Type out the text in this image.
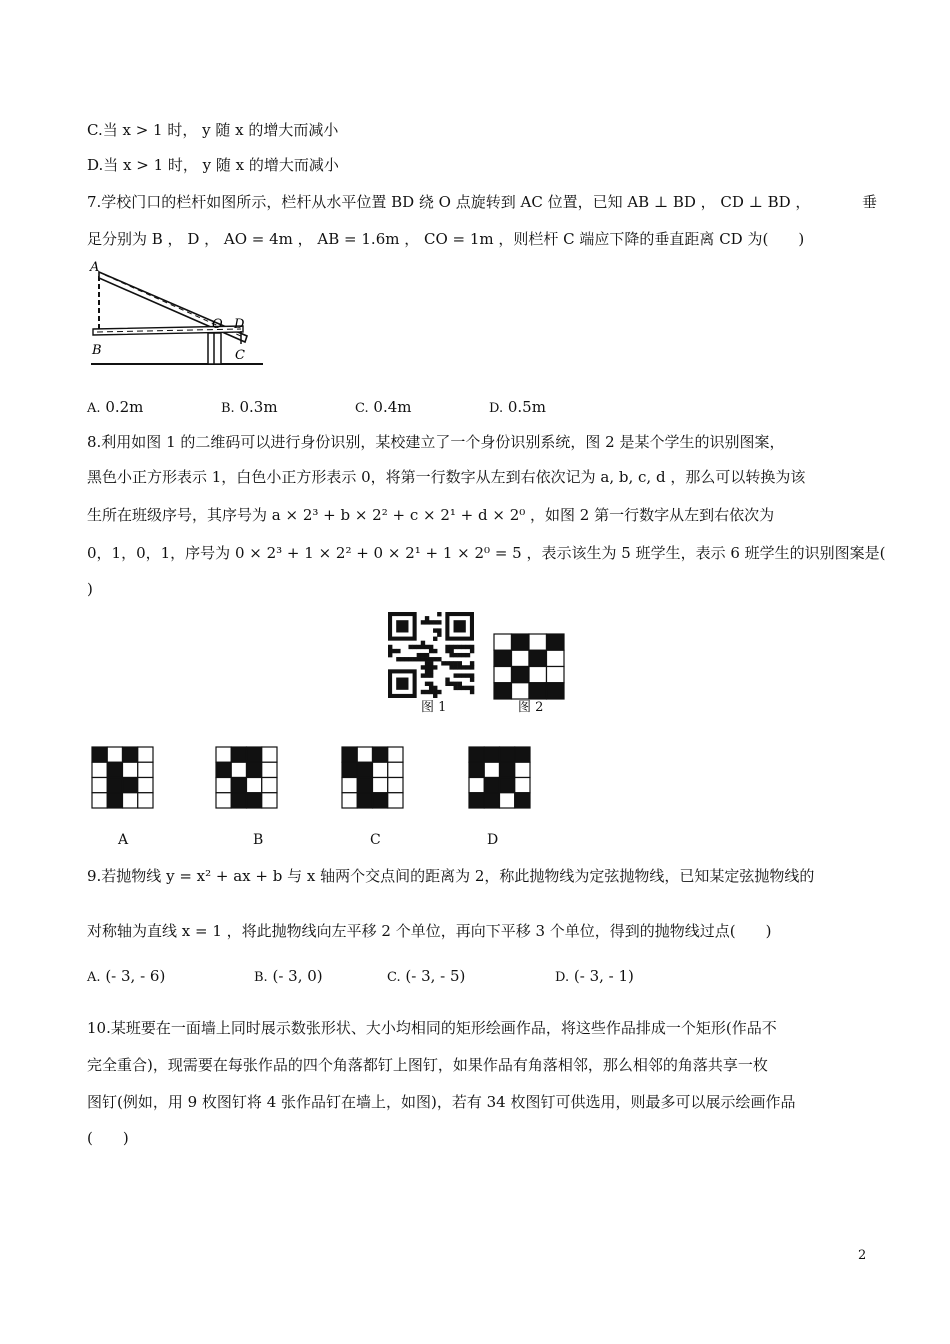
C.当 x > 1 时， y 随 x 的增大而减小
D.当 x > 1 时， y 随 x 的增大而减小
7.学校门口的栏杆如图所示，栏杆从水平位置 BD 绕 O 点旋转到 AC 位置，已知 AB ⊥ BD ， CD ⊥ BD ，	垂
足分别为 B ， D ， AO = 4m ， AB = 1.6m ， CO = 1m ，则栏杆 C 端应下降的垂直距离 CD 为(　　)
A
O D
B	C
A. 0.2m	B. 0.3m	C. 0.4m	D. 0.5m
8.利用如图 1 的二维码可以进行身份识别，某校建立了一个身份识别系统，图 2 是某个学生的识别图案，
黑色小正方形表示 1，白色小正方形表示 0，将第一行数字从左到右依次记为 a, b, c, d ，那么可以转换为该
生所在班级序号，其序号为 a × 2³ + b × 2² + c × 2¹ + d × 2⁰ ，如图 2 第一行数字从左到右依次为
0，1，0，1，序号为 0 × 2³ + 1 × 2² + 0 × 2¹ + 1 × 2⁰ = 5 ，表示该生为 5 班学生，表示 6 班学生的识别图案是(
)
图 1	图 2
A	B	C	D
9.若抛物线 y = x² + ax + b 与 x 轴两个交点间的距离为 2，称此抛物线为定弦抛物线，已知某定弦抛物线的
对称轴为直线 x = 1 ，将此抛物线向左平移 2 个单位，再向下平移 3 个单位，得到的抛物线过点(　　)
A. (- 3, - 6)	B. (- 3, 0)	C. (- 3, - 5)	D. (- 3, - 1)
10.某班要在一面墙上同时展示数张形状、大小均相同的矩形绘画作品，将这些作品排成一个矩形(作品不
完全重合)，现需要在每张作品的四个角落都钉上图钉，如果作品有角落相邻，那么相邻的角落共享一枚
图钉(例如，用 9 枚图钉将 4 张作品钉在墙上，如图)，若有 34 枚图钉可供选用，则最多可以展示绘画作品
(　　)
2
